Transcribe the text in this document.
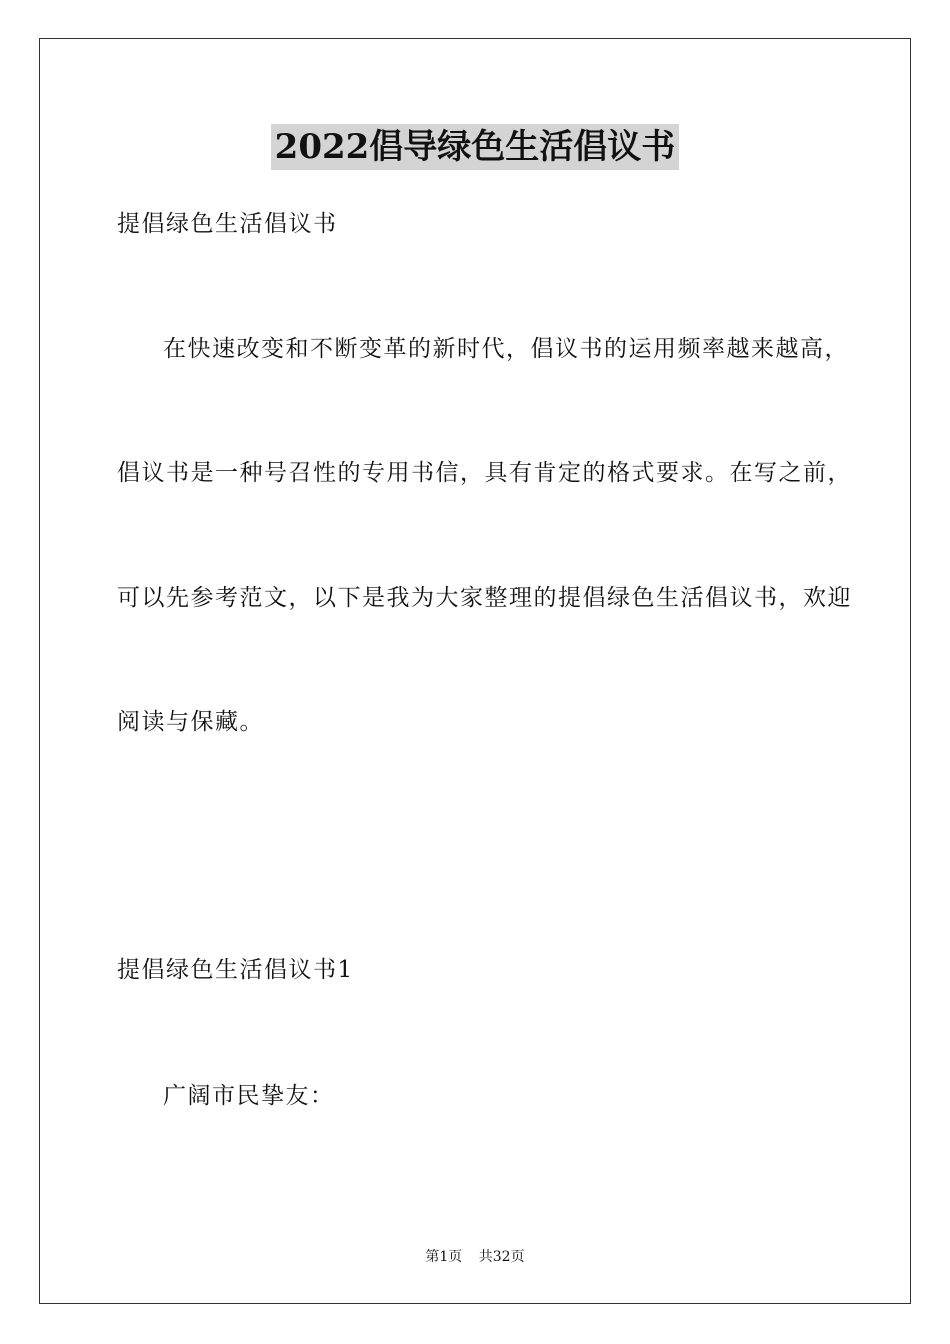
2022倡导绿色生活倡议书
提倡绿色生活倡议书
在快速改变和不断变革的新时代，倡议书的运用频率越来越高，
倡议书是一种号召性的专用书信，具有肯定的格式要求。在写之前，
可以先参考范文，以下是我为大家整理的提倡绿色生活倡议书，欢迎
阅读与保藏。
提倡绿色生活倡议书1
广阔市民挚友：
第1页 共32页
